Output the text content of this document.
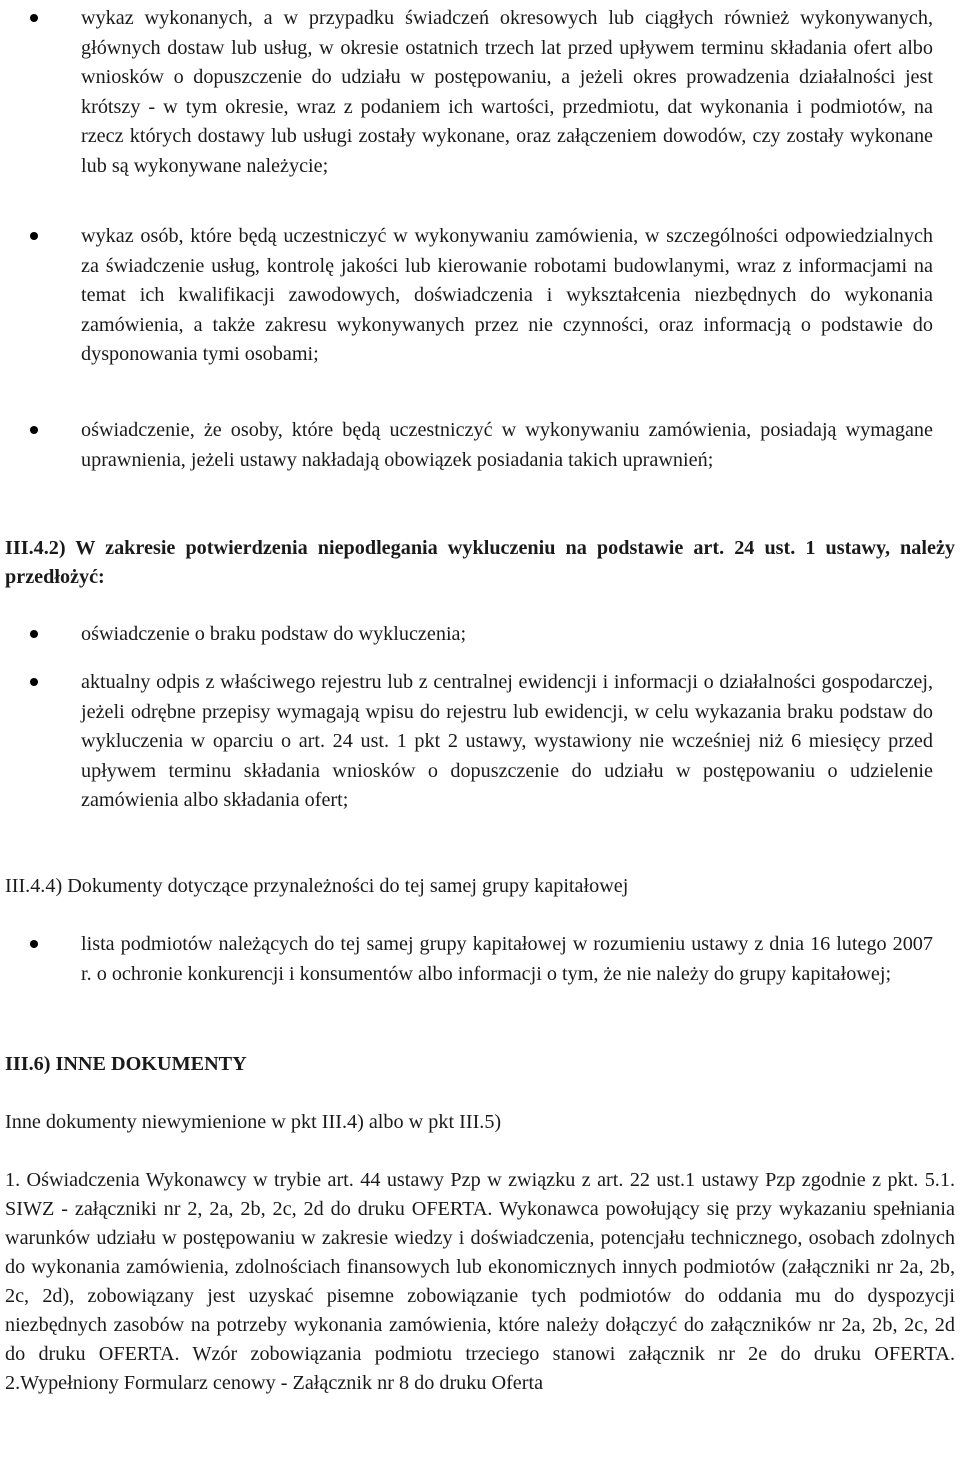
wykaz wykonanych, a w przypadku świadczeń okresowych lub ciągłych również wykonywanych, głównych dostaw lub usług, w okresie ostatnich trzech lat przed upływem terminu składania ofert albo wniosków o dopuszczenie do udziału w postępowaniu, a jeżeli okres prowadzenia działalności jest krótszy - w tym okresie, wraz z podaniem ich wartości, przedmiotu, dat wykonania i podmiotów, na rzecz których dostawy lub usługi zostały wykonane, oraz załączeniem dowodów, czy zostały wykonane lub są wykonywane należycie;
wykaz osób, które będą uczestniczyć w wykonywaniu zamówienia, w szczególności odpowiedzialnych za świadczenie usług, kontrolę jakości lub kierowanie robotami budowlanymi, wraz z informacjami na temat ich kwalifikacji zawodowych, doświadczenia i wykształcenia niezbędnych do wykonania zamówienia, a także zakresu wykonywanych przez nie czynności, oraz informacją o podstawie do dysponowania tymi osobami;
oświadczenie, że osoby, które będą uczestniczyć w wykonywaniu zamówienia, posiadają wymagane uprawnienia, jeżeli ustawy nakładają obowiązek posiadania takich uprawnień;
III.4.2) W zakresie potwierdzenia niepodlegania wykluczeniu na podstawie art. 24 ust. 1 ustawy, należy przedłożyć:
oświadczenie o braku podstaw do wykluczenia;
aktualny odpis z właściwego rejestru lub z centralnej ewidencji i informacji o działalności gospodarczej, jeżeli odrębne przepisy wymagają wpisu do rejestru lub ewidencji, w celu wykazania braku podstaw do wykluczenia w oparciu o art. 24 ust. 1 pkt 2 ustawy, wystawiony nie wcześniej niż 6 miesięcy przed upływem terminu składania wniosków o dopuszczenie do udziału w postępowaniu o udzielenie zamówienia albo składania ofert;
III.4.4) Dokumenty dotyczące przynależności do tej samej grupy kapitałowej
lista podmiotów należących do tej samej grupy kapitałowej w rozumieniu ustawy z dnia 16 lutego 2007 r. o ochronie konkurencji i konsumentów albo informacji o tym, że nie należy do grupy kapitałowej;
III.6) INNE DOKUMENTY
Inne dokumenty niewymienione w pkt III.4) albo w pkt III.5)
1. Oświadczenia Wykonawcy w trybie art. 44 ustawy Pzp w związku z art. 22 ust.1 ustawy Pzp zgodnie z pkt. 5.1. SIWZ - załączniki nr 2, 2a, 2b, 2c, 2d do druku OFERTA. Wykonawca powołujący się przy wykazaniu spełniania warunków udziału w postępowaniu w zakresie wiedzy i doświadczenia, potencjału technicznego, osobach zdolnych do wykonania zamówienia, zdolnościach finansowych lub ekonomicznych innych podmiotów (załączniki nr 2a, 2b, 2c, 2d), zobowiązany jest uzyskać pisemne zobowiązanie tych podmiotów do oddania mu do dyspozycji niezbędnych zasobów na potrzeby wykonania zamówienia, które należy dołączyć do załączników nr 2a, 2b, 2c, 2d do druku OFERTA. Wzór zobowiązania podmiotu trzeciego stanowi załącznik nr 2e do druku OFERTA. 2.Wypełniony Formularz cenowy - Załącznik nr 8 do druku Oferta
